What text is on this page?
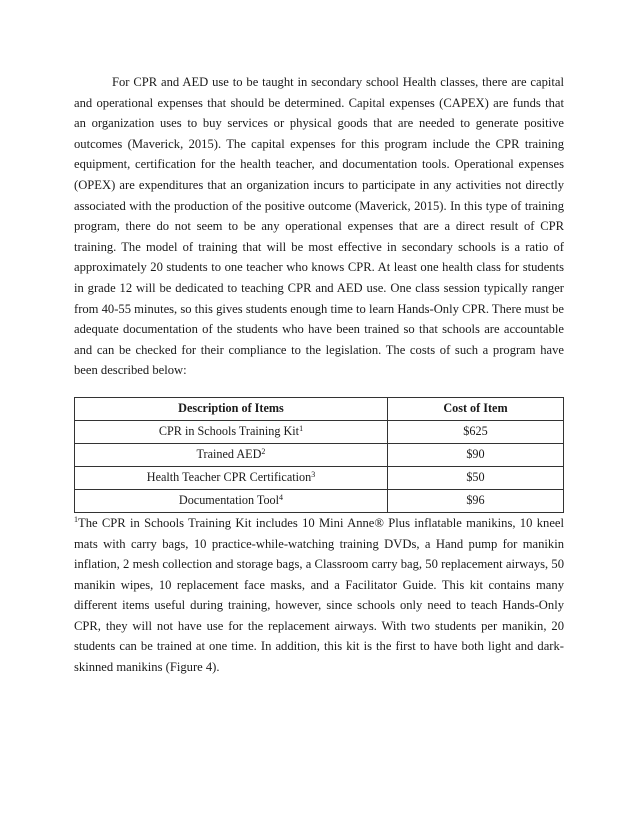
For CPR and AED use to be taught in secondary school Health classes, there are capital and operational expenses that should be determined. Capital expenses (CAPEX) are funds that an organization uses to buy services or physical goods that are needed to generate positive outcomes (Maverick, 2015). The capital expenses for this program include the CPR training equipment, certification for the health teacher, and documentation tools. Operational expenses (OPEX) are expenditures that an organization incurs to participate in any activities not directly associated with the production of the positive outcome (Maverick, 2015). In this type of training program, there do not seem to be any operational expenses that are a direct result of CPR training. The model of training that will be most effective in secondary schools is a ratio of approximately 20 students to one teacher who knows CPR. At least one health class for students in grade 12 will be dedicated to teaching CPR and AED use. One class session typically ranger from 40-55 minutes, so this gives students enough time to learn Hands-Only CPR. There must be adequate documentation of the students who have been trained so that schools are accountable and can be checked for their compliance to the legislation. The costs of such a program have been described below:

Description of Items	Cost of Item
CPR in Schools Training Kit$^1$	$625
Trained AED$^2$	$90
Health Teacher CPR Certification$^3$	$50
Documentation Tool$^4$	$96

$^1$The CPR in Schools Training Kit includes 10 Mini Anne® Plus inflatable manikins, 10 kneel mats with carry bags, 10 practice-while-watching training DVDs, a Hand pump for manikin inflation, 2 mesh collection and storage bags, a Classroom carry bag, 50 replacement airways, 50 manikin wipes, 10 replacement face masks, and a Facilitator Guide. This kit contains many different items useful during training, however, since schools only need to teach Hands-Only CPR, they will not have use for the replacement airways. With two students per manikin, 20 students can be trained at one time. In addition, this kit is the first to have both light and dark-skinned manikins (Figure 4).
